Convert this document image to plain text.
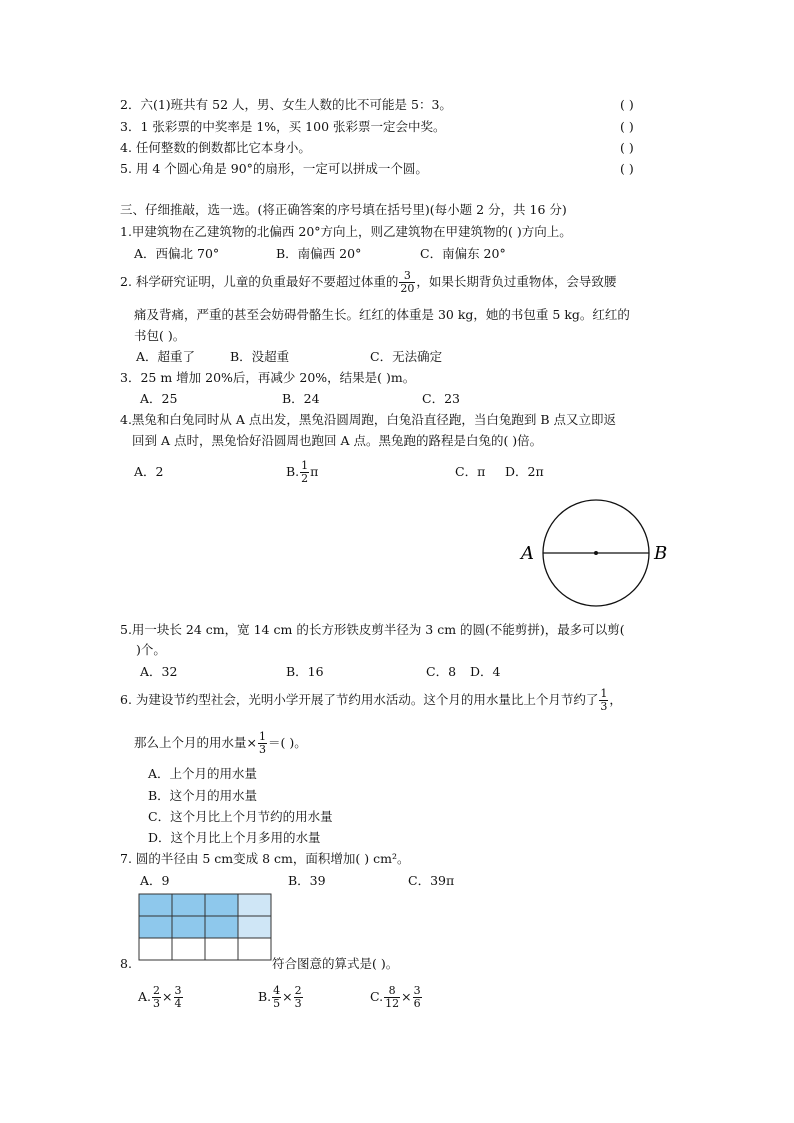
2．六(1)班共有 52 人，男、女生人数的比不可能是 5：3。	( )
3．1 张彩票的中奖率是 1%，买 100 张彩票一定会中奖。	( )
4. 任何整数的倒数都比它本身小。	( )
5. 用 4 个圆心角是 90°的扇形，一定可以拼成一个圆。	( )
三、仔细推敲，选一选。(将正确答案的序号填在括号里)(每小题 2 分，共 16 分)
1.甲建筑物在乙建筑物的北偏西 20°方向上，则乙建筑物在甲建筑物的( )方向上。
A．西偏北 70°	B．南偏西 20°	C．南偏东 20°
2. 科学研究证明，儿童的负重最好不要超过体重的 $\frac{3}{20}$ ，如果长期背负过重物体，会导致腰
痛及背痛，严重的甚至会妨碍骨骼生长。红红的体重是 30 kg，她的书包重 5 kg。红红的
书包( )。
A．超重了	B．没超重	C．无法确定
3．25 m 增加 20%后，再减少 20%，结果是( )m。
A．25	B．24	C．23
4.黑兔和白兔同时从 A 点出发，黑兔沿圆周跑，白兔沿直径跑，当白兔跑到 B 点又立即返
回到 A 点时，黑兔恰好沿圆周也跑回 A 点。黑兔跑的路程是白兔的( )倍。
A．2	B. $\frac{1}{2}$ π	C．π D．2π
A	B
5.用一块长 24 cm，宽 14 cm 的长方形铁皮剪半径为 3 cm 的圆(不能剪拼)，最多可以剪(
)个。
A．32	B．16	C．8 D．4
6. 为建设节约型社会，光明小学开展了节约用水活动。这个月的用水量比上个月节约了 $\frac{1}{3}$ ，
那么上个月的用水量× $\frac{1}{3}$ ＝( )。
A．上个月的用水量
B．这个月的用水量
C．这个月比上个月节约的用水量
D．这个月比上个月多用的水量
7. 圆的半径由 5 cm变成 8 cm，面积增加( ) cm²。
A．9	B．39	C．39π
8.	符合图意的算式是( )。
A. $\frac{2}{3} \times \frac{3}{4}$	B. $\frac{4}{5} \times \frac{2}{3}$	C. $\frac{8}{12} \times \frac{3}{6}$
